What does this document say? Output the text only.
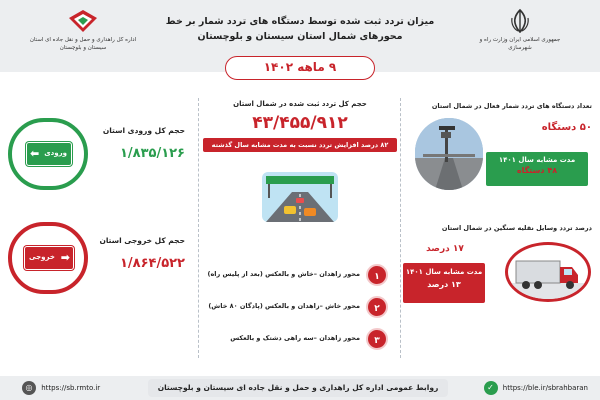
اداره کل راهداری و حمل و نقل جاده ای استان سیستان و بلوچستان
میزان تردد ثبت شده توسط دستگاه های تردد شمار بر خط محورهای شمال استان سیستان و بلوچستان	جمهوری اسلامی ایران وزارت راه و شهرسازی
۹ ماهه ۱۴۰۲
⬅ ورودی
حجم کل ورودی استان
۱/۸۳۵/۱۲۶
خروجی ➡
حجم کل خروجی استان
۱/۸۶۴/۵۲۲
حجم کل تردد ثبت شده در شمال استان
۴۳/۴۵۵/۹۱۲
۸۲ درصد افزایش تردد نسبت به مدت مشابه سال گذشته
۱
محور زاهدان –خاش و بالعکس (بعد از پلیس راه)
۲
محور خاش –زاهدان و بالعکس (پادگان ۸۰ خاش)
۳
محور زاهدان –سه راهی دشتک و بالعکس
تعداد دستگاه های تردد شمار فعال در شمال استان
۵۰ دستگاه
مدت مشابه سال ۱۴۰۱
۴۸ دستگاه
درصد تردد وسایل نقلیه سنگین در شمال استان
۱۷ درصد
مدت مشابه سال ۱۴۰۱
۱۳ درصد
◎ https://sb.rmto.ir	روابط عمومی اداره کل راهداری و حمل و نقل جاده ای سیستان و بلوچستان	✓ https://ble.ir/sbrahbaran
